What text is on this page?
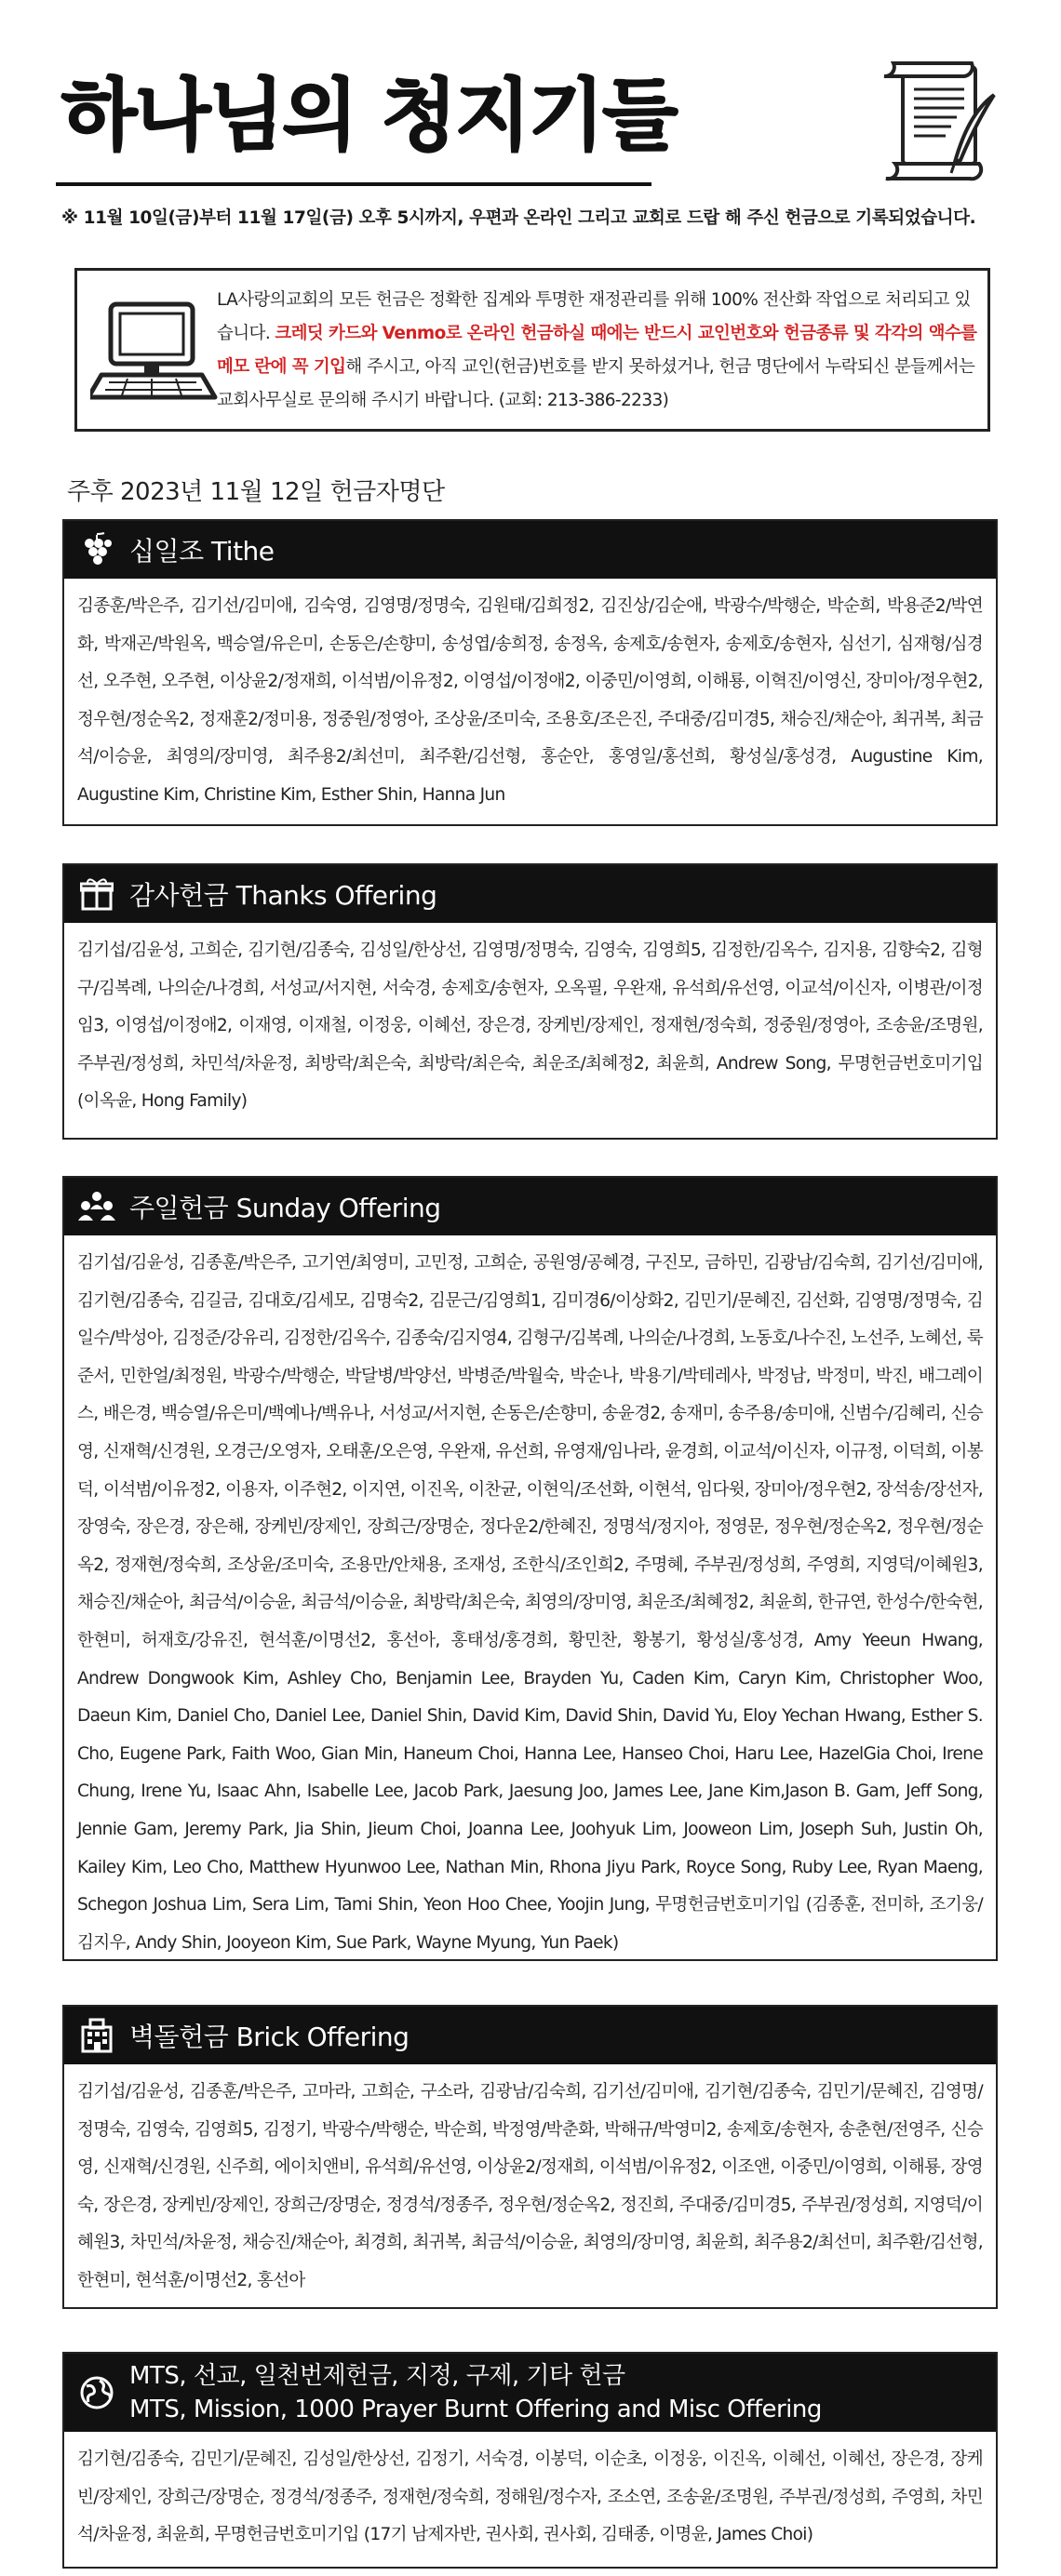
하나님의 청지기들
※ 11월 10일(금)부터 11월 17일(금) 오후 5시까지, 우편과 온라인 그리고 교회로 드랍 해 주신 헌금으로 기록되었습니다.
LA사랑의교회의 모든 헌금은 정확한 집계와 투명한 재정관리를 위해 100% 전산화 작업으로 처리되고 있습니다. 크레딧 카드와 Venmo로 온라인 헌금하실 때에는 반드시 교인번호와 헌금종류 및 각각의 액수를 메모 란에 꼭 기입해 주시고, 아직 교인(헌금)번호를 받지 못하셨거나, 헌금 명단에서 누락되신 분들께서는 교회사무실로 문의해 주시기 바랍니다. (교회: 213-386-2233)
주후 2023년 11월 12일 헌금자명단
십일조 Tithe
김종훈/박은주, 김기선/김미애, 김숙영, 김영명/정명숙, 김원태/김희정2, 김진상/김순애, 박광수/박행순, 박순희, 박용준2/박연화, 박재곤/박원옥, 백승열/유은미, 손동은/손향미, 송성엽/송희정, 송정옥, 송제호/송현자, 송제호/송현자, 심선기, 심재형/심경선, 오주현, 오주현, 이상윤2/정재희, 이석범/이유정2, 이영섭/이정애2, 이중민/이영희, 이해룡, 이혁진/이영신, 장미아/정우현2, 정우현/정순옥2, 정재훈2/정미용, 정중원/정영아, 조상윤/조미숙, 조용호/조은진, 주대중/김미경5, 채승진/채순아, 최귀복, 최금석/이승윤, 최영의/장미영, 최주용2/최선미, 최주환/김선형, 홍순안, 홍영일/홍선희, 황성실/홍성경, Augustine Kim, Augustine Kim, Christine Kim, Esther Shin, Hanna Jun
감사헌금 Thanks Offering
김기섭/김윤성, 고희순, 김기현/김종숙, 김성일/한상선, 김영명/정명숙, 김영숙, 김영희5, 김정한/김옥수, 김지용, 김향숙2, 김형구/김복례, 나의순/나경희, 서성교/서지현, 서숙경, 송제호/송현자, 오옥필, 우완재, 유석희/유선영, 이교석/이신자, 이병관/이정임3, 이영섭/이정애2, 이재영, 이재철, 이정웅, 이혜선, 장은경, 장케빈/장제인, 정재현/정숙희, 정중원/정영아, 조송윤/조명원, 주부권/정성희, 차민석/차윤정, 최방락/최은숙, 최방락/최은숙, 최운조/최혜정2, 최윤희, Andrew Song, 무명헌금번호미기입 (이옥윤, Hong Family)
주일헌금 Sunday Offering
김기섭/김윤성, 김종훈/박은주, 고기연/최영미, 고민정, 고희순, 공원영/공혜경, 구진모, 금하민, 김광남/김숙희, 김기선/김미애, 김기현/김종숙, 김길금, 김대호/김세모, 김명숙2, 김문근/김영희1, 김미경6/이상화2, 김민기/문혜진, 김선화, 김영명/정명숙, 김일수/박성아, 김정준/강유리, 김정한/김옥수, 김종숙/김지영4, 김형구/김복례, 나의순/나경희, 노동호/나수진, 노선주, 노혜선, 룩준서, 민한얼/최정원, 박광수/박행순, 박달병/박양선, 박병준/박월숙, 박순나, 박용기/박테레사, 박정남, 박정미, 박진, 배그레이스, 배은경, 백승열/유은미/백예나/백유나, 서성교/서지현, 손동은/손향미, 송윤경2, 송재미, 송주용/송미애, 신범수/김혜리, 신승영, 신재혁/신경원, 오경근/오영자, 오태훈/오은영, 우완재, 유선희, 유영재/임나라, 윤경희, 이교석/이신자, 이규정, 이덕희, 이봉덕, 이석범/이유정2, 이용자, 이주현2, 이지연, 이진옥, 이찬균, 이현익/조선화, 이현석, 임다윗, 장미아/정우현2, 장석송/장선자, 장영숙, 장은경, 장은해, 장케빈/장제인, 장희근/장명순, 정다운2/한혜진, 정명석/정지아, 정영문, 정우현/정순옥2, 정우현/정순옥2, 정재현/정숙희, 조상윤/조미숙, 조용만/안채용, 조재성, 조한식/조인희2, 주명혜, 주부권/정성희, 주영희, 지영덕/이혜원3, 채승진/채순아, 최금석/이승윤, 최금석/이승윤, 최방락/최은숙, 최영의/장미영, 최운조/최혜정2, 최윤희, 한규연, 한성수/한숙현, 한현미, 허재호/강유진, 현석훈/이명선2, 홍선아, 홍태성/홍경희, 황민찬, 황봉기, 황성실/홍성경, Amy Yeeun Hwang, Andrew Dongwook Kim, Ashley Cho, Benjamin Lee, Brayden Yu, Caden Kim, Caryn Kim, Christopher Woo, Daeun Kim, Daniel Cho, Daniel Lee, Daniel Shin, David Kim, David Shin, David Yu, Eloy Yechan Hwang, Esther S. Cho, Eugene Park, Faith Woo, Gian Min, Haneum Choi, Hanna Lee, Hanseo Choi, Haru Lee, HazelGia Choi, Irene Chung, Irene Yu, Isaac Ahn, Isabelle Lee, Jacob Park, Jaesung Joo, James Lee, Jane Kim,Jason B. Gam, Jeff Song, Jennie Gam, Jeremy Park, Jia Shin, Jieum Choi, Joanna Lee, Joohyuk Lim, Jooweon Lim, Joseph Suh, Justin Oh, Kailey Kim, Leo Cho, Matthew Hyunwoo Lee, Nathan Min, Rhona Jiyu Park, Royce Song, Ruby Lee, Ryan Maeng, Schegon Joshua Lim, Sera Lim, Tami Shin, Yeon Hoo Chee, Yoojin Jung, 무명헌금번호미기입 (김종훈, 전미하, 조기웅/김지우, Andy Shin, Jooyeon Kim, Sue Park, Wayne Myung, Yun Paek)
벽돌헌금 Brick Offering
김기섭/김윤성, 김종훈/박은주, 고마라, 고희순, 구소라, 김광남/김숙희, 김기선/김미애, 김기현/김종숙, 김민기/문혜진, 김영명/정명숙, 김영숙, 김영희5, 김정기, 박광수/박행순, 박순희, 박정영/박춘화, 박해규/박영미2, 송제호/송현자, 송춘현/전영주, 신승영, 신재혁/신경원, 신주희, 에이치앤비, 유석희/유선영, 이상윤2/정재희, 이석범/이유정2, 이조앤, 이중민/이영희, 이해룡, 장영숙, 장은경, 장케빈/장제인, 장희근/장명순, 정경석/정종주, 정우현/정순옥2, 정진희, 주대중/김미경5, 주부권/정성희, 지영덕/이혜원3, 차민석/차윤정, 채승진/채순아, 최경희, 최귀복, 최금석/이승윤, 최영의/장미영, 최윤희, 최주용2/최선미, 최주환/김선형, 한현미, 현석훈/이명선2, 홍선아
MTS, 선교, 일천번제헌금, 지정, 구제, 기타 헌금
MTS, Mission, 1000 Prayer Burnt Offering and Misc Offering
김기현/김종숙, 김민기/문혜진, 김성일/한상선, 김정기, 서숙경, 이봉덕, 이순초, 이정웅, 이진옥, 이혜선, 이혜선, 장은경, 장케빈/장제인, 장희근/장명순, 정경석/정종주, 정재현/정숙희, 정해원/정수자, 조소연, 조송윤/조명원, 주부권/정성희, 주영희, 차민석/차윤정, 최윤희, 무명헌금번호미기입 (17기 남제자반, 권사회, 권사회, 김태종, 이명윤, James Choi)
